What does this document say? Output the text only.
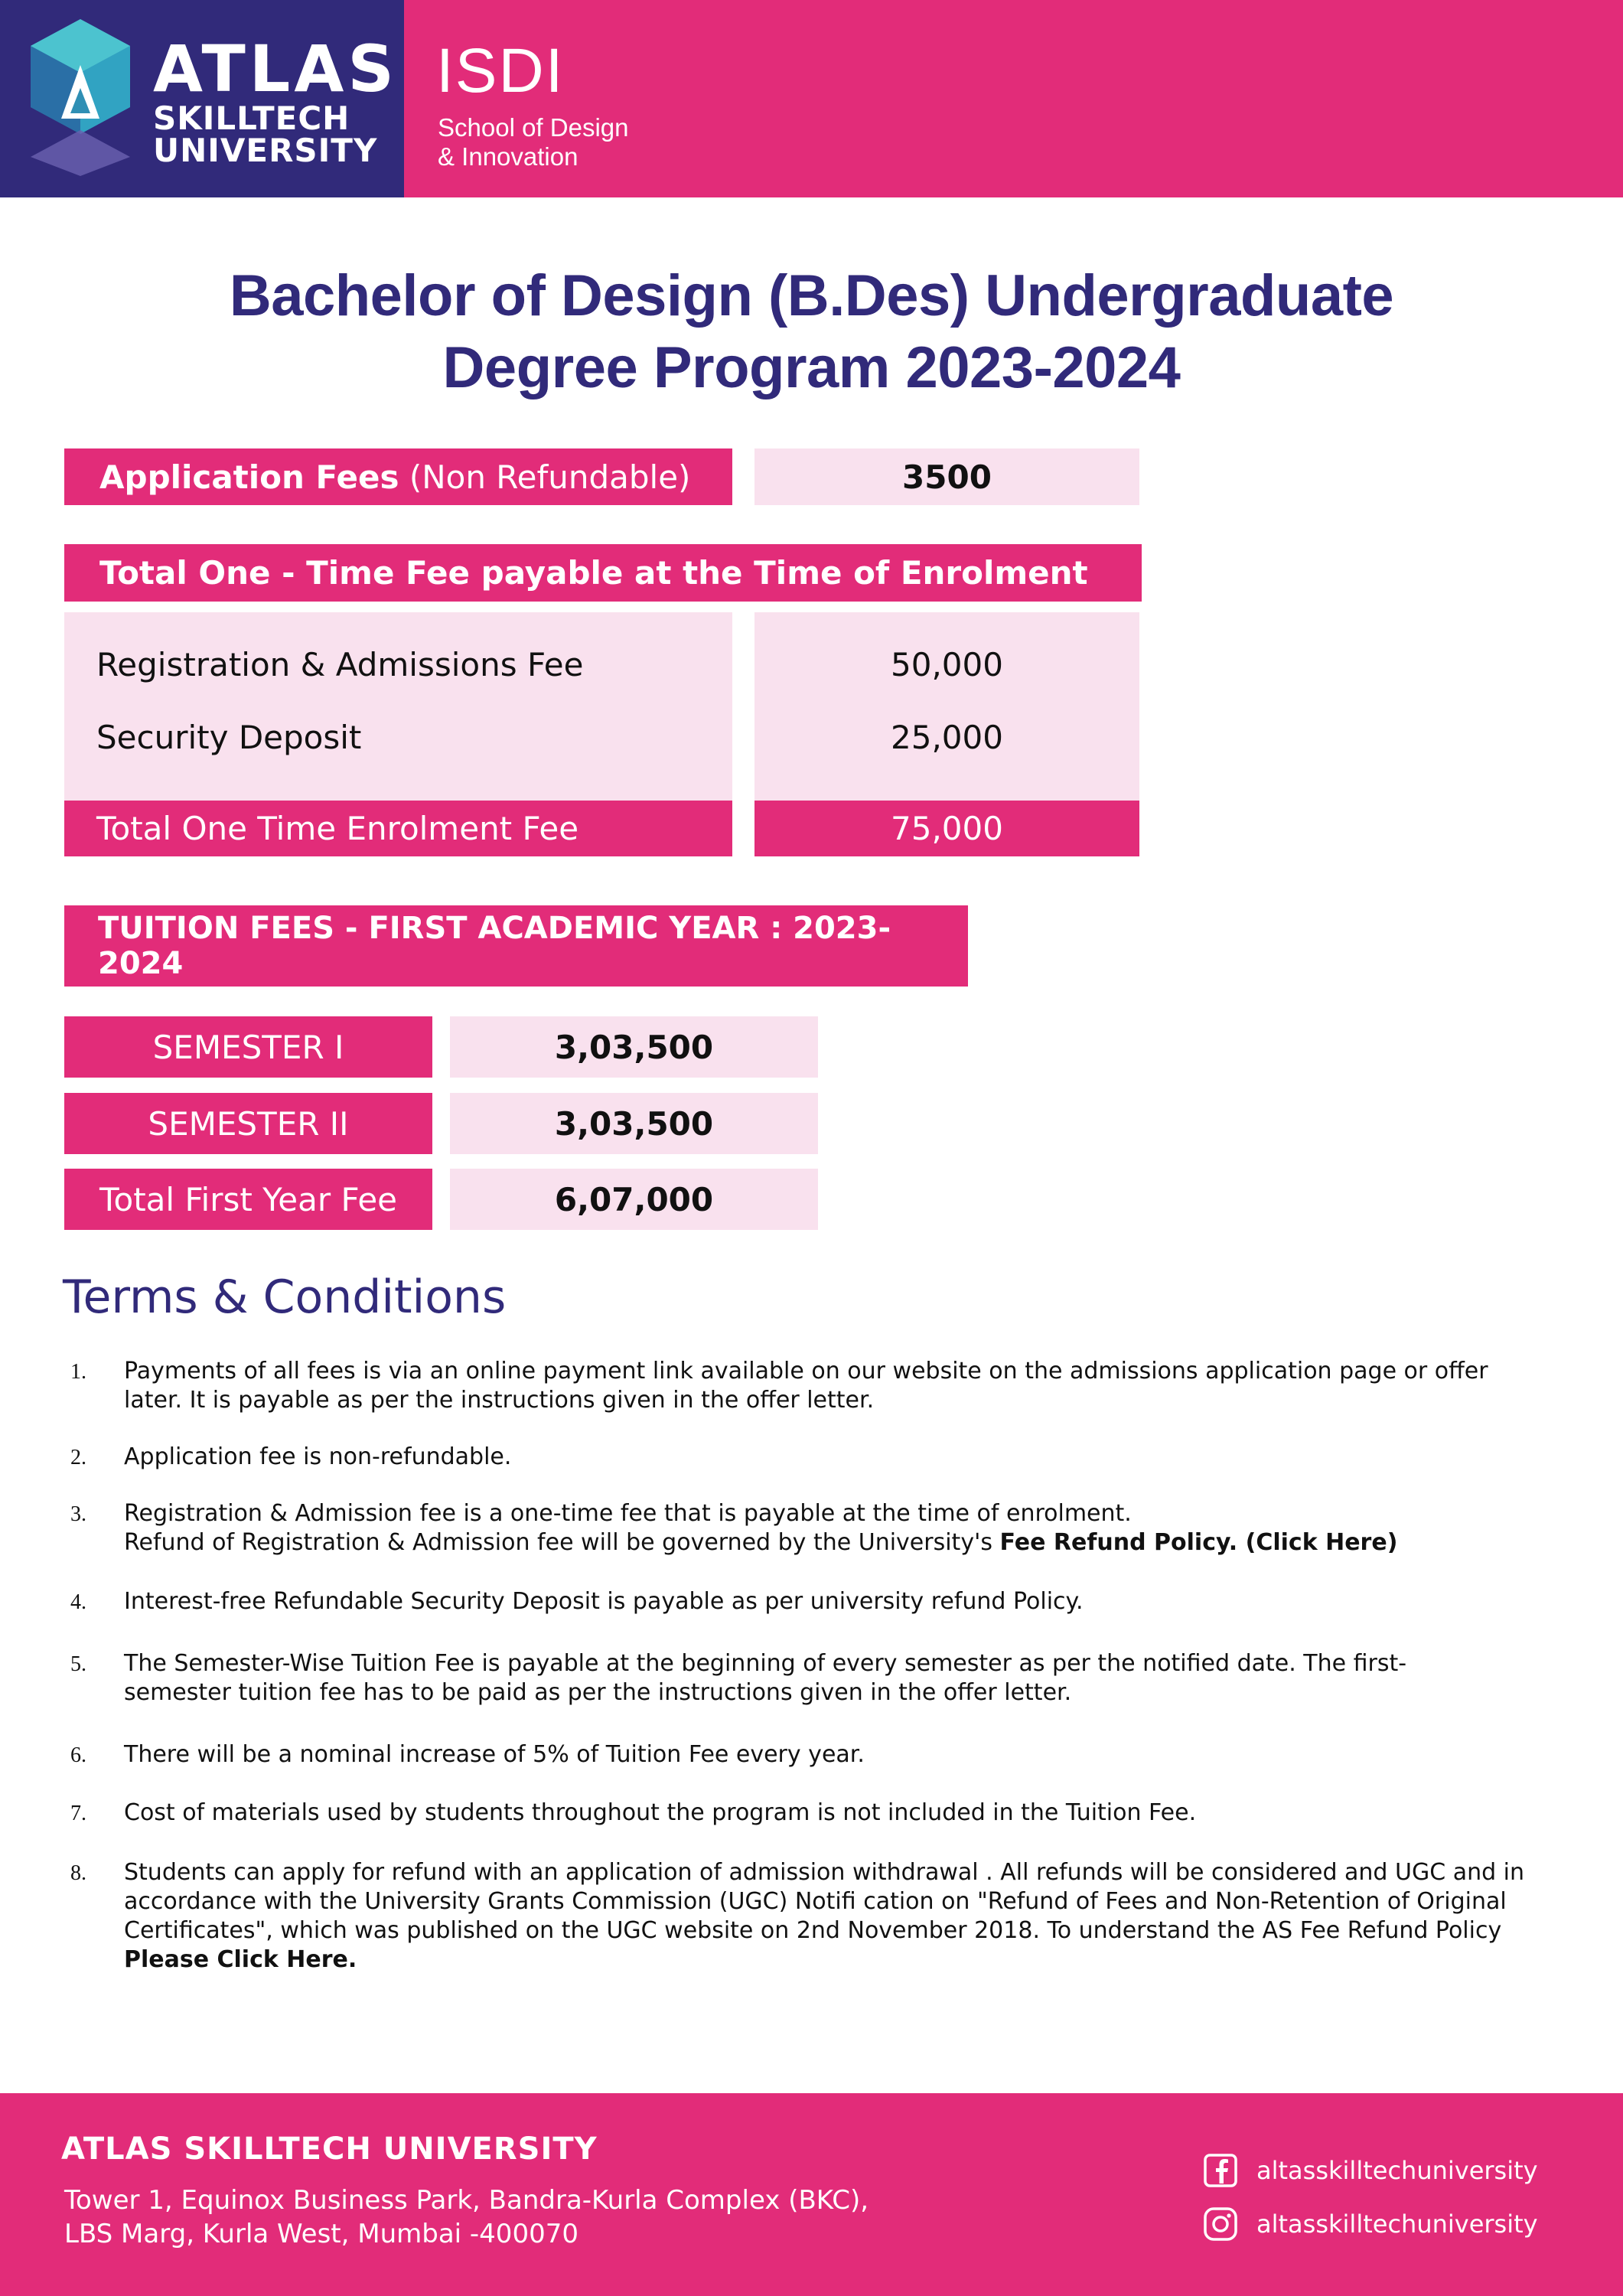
ATLAS
SKILLTECH
UNIVERSITY
ISDI
School of Design
& Innovation
Bachelor of Design (B.Des) Undergraduate
Degree Program 2023-2024
Application Fees (Non Refundable)	3500
Total One - Time Fee payable at the Time of Enrolment
Registration & Admissions Fee	50,000
Security Deposit	25,000
Total One Time Enrolment Fee	75,000
TUITION FEES - FIRST ACADEMIC YEAR : 2023-2024
SEMESTER I	3,03,500
SEMESTER II	3,03,500
Total First Year Fee	6,07,000
Terms & Conditions
1. Payments of all fees is via an online payment link available on our website on the admissions application page or offer later. It is payable as per the instructions given in the offer letter.
2. Application fee is non-refundable.
3. Registration & Admission fee is a one-time fee that is payable at the time of enrolment.
Refund of Registration & Admission fee will be governed by the University's Fee Refund Policy. (Click Here)
4. Interest-free Refundable Security Deposit is payable as per university refund Policy.
5. The Semester-Wise Tuition Fee is payable at the beginning of every semester as per the notified date. The first-semester tuition fee has to be paid as per the instructions given in the offer letter.
6. There will be a nominal increase of 5% of Tuition Fee every year.
7. Cost of materials used by students throughout the program is not included in the Tuition Fee.
8. Students can apply for refund with an application of admission withdrawal . All refunds will be considered and UGC and in accordance with the University Grants Commission (UGC) Notifi cation on "Refund of Fees and Non-Retention of Original Certificates", which was published on the UGC website on 2nd November 2018. To understand the AS Fee Refund Policy Please Click Here.
ATLAS SKILLTECH UNIVERSITY
Tower 1, Equinox Business Park, Bandra-Kurla Complex (BKC),
LBS Marg, Kurla West, Mumbai -400070
altasskilltechuniversity
altasskilltechuniversity
